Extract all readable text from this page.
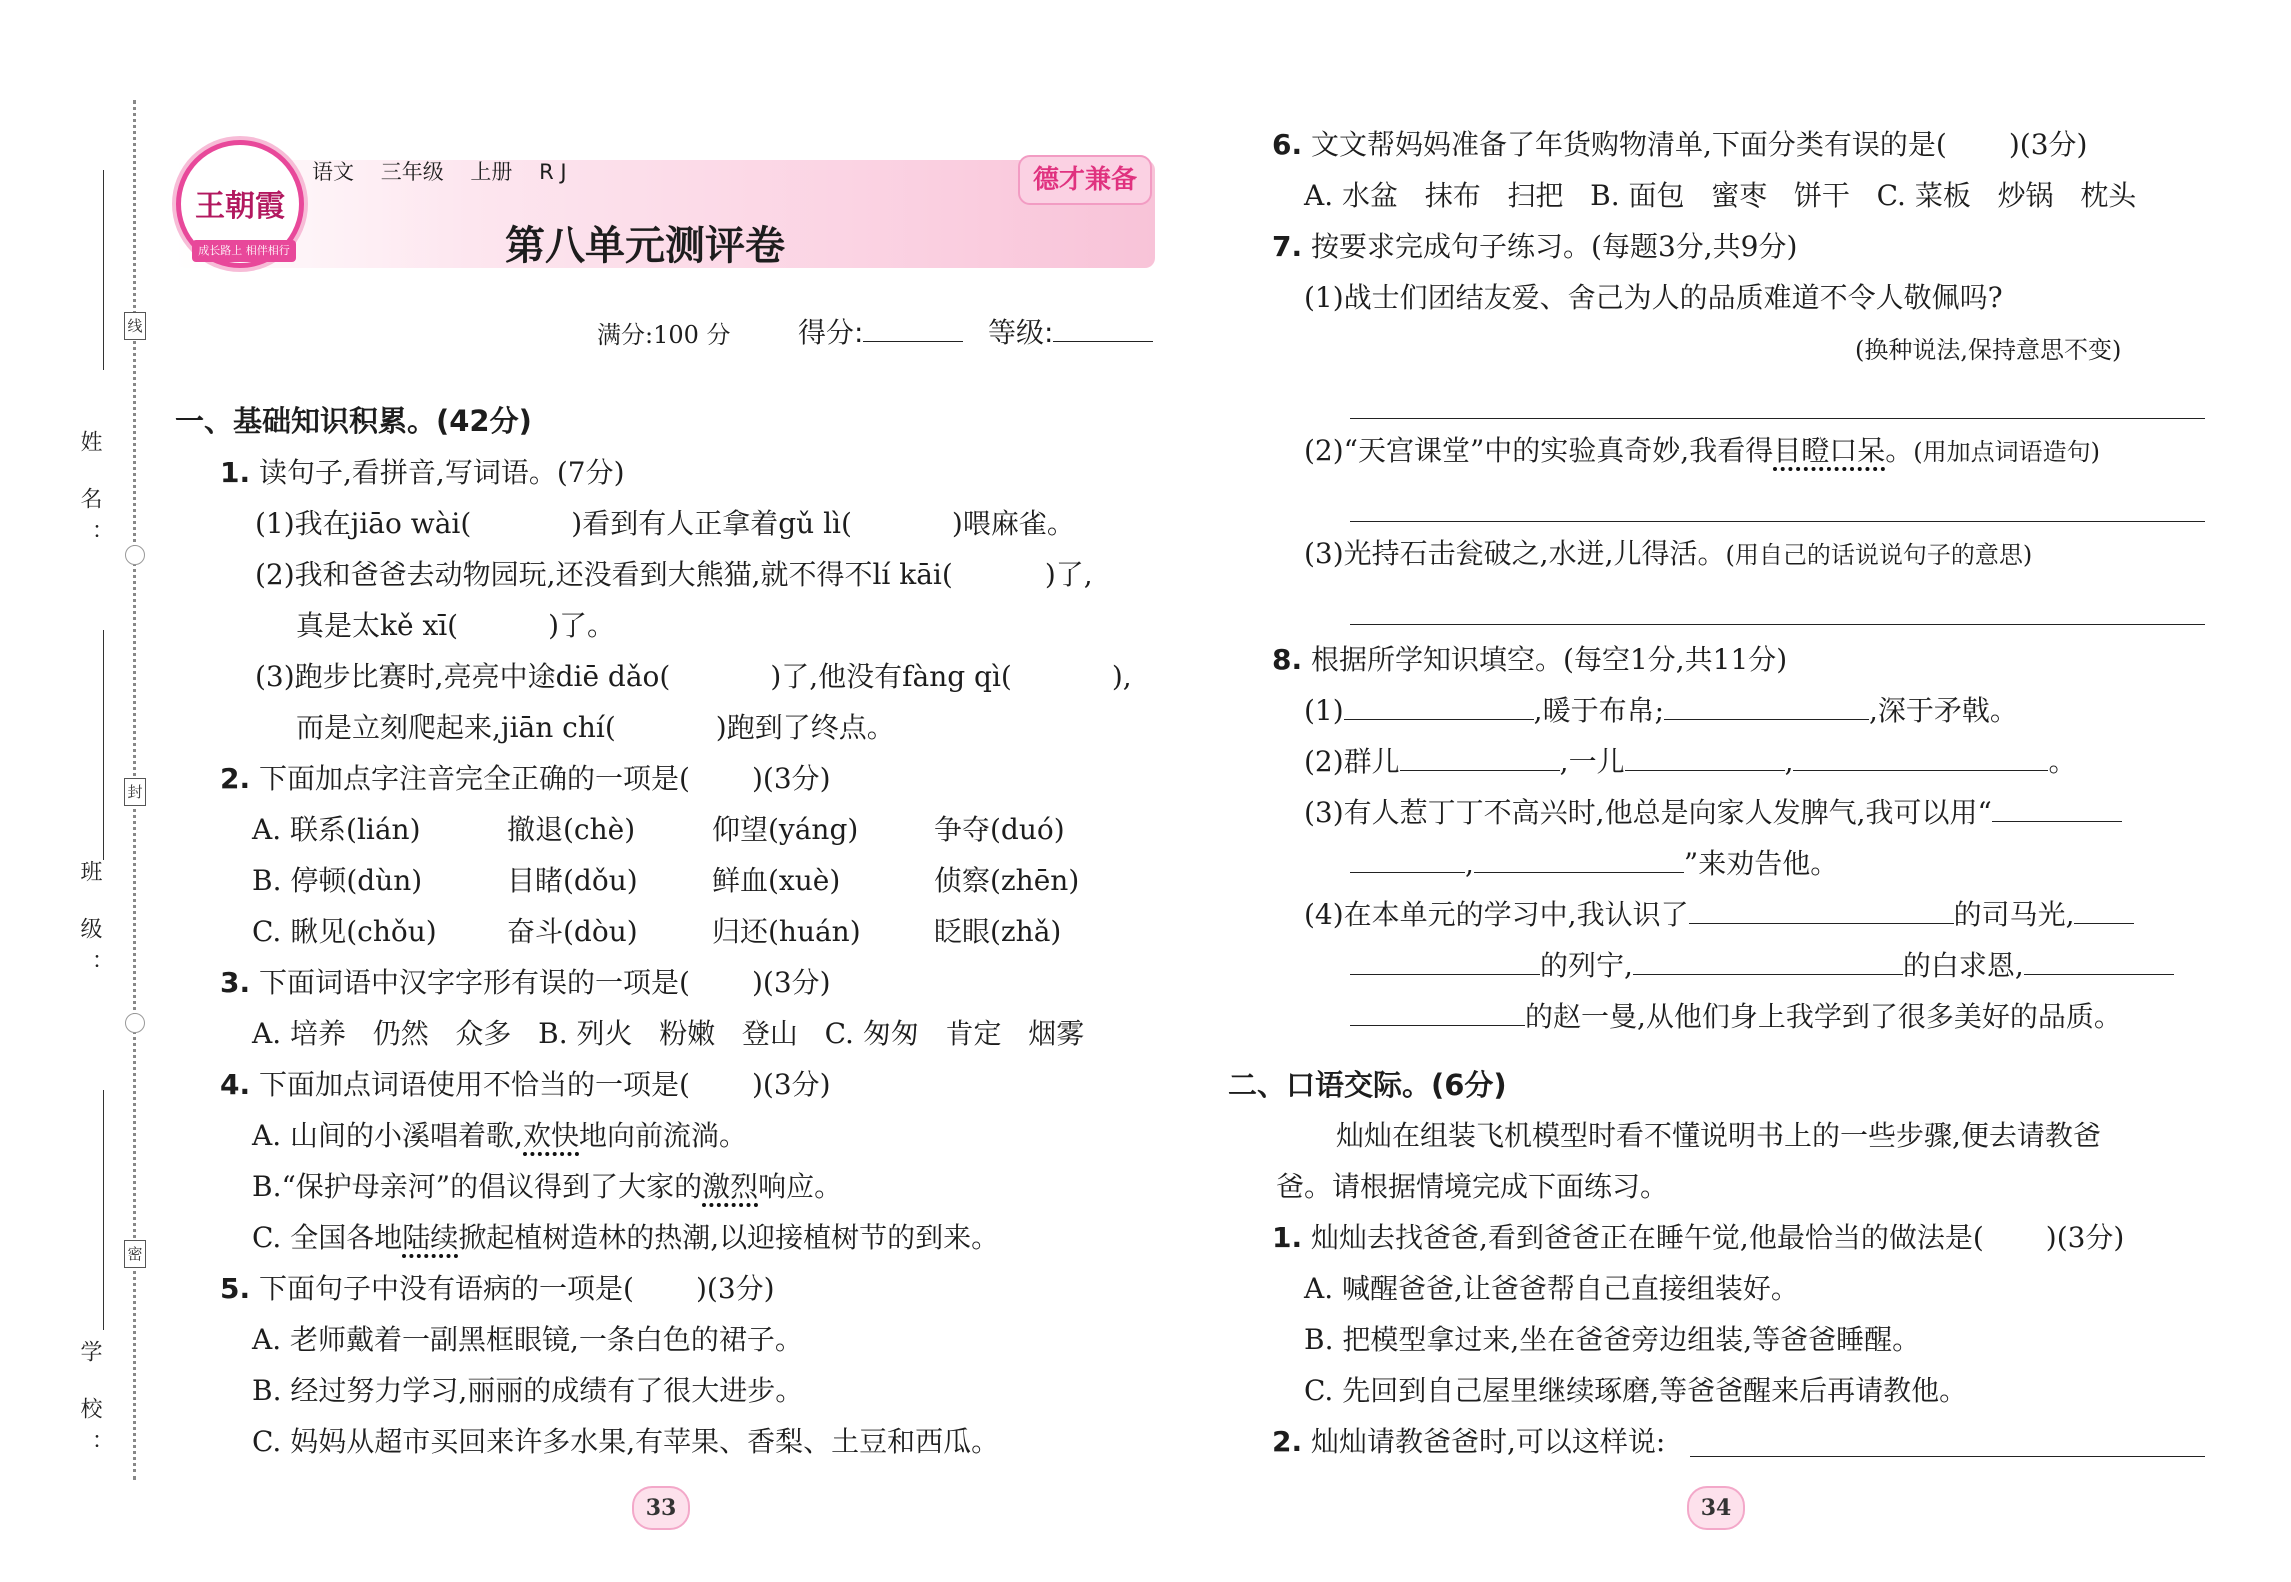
姓 名：
班 级：
学 校：
线
封
密
王朝霞
成长路上 相伴相行
语文 三年级 上册 R J	德才兼备
第八单元测评卷
满分:100 分 得分:	等级:
一、基础知识积累。(42分)
1. 读句子,看拼音,写词语。(7分)
(1)我在jiāo wài(	)看到有人正拿着gǔ lì(	)喂麻雀。
(2)我和爸爸去动物园玩,还没看到大熊猫,就不得不lí kāi(	)了,
真是太kě xī(	)了。
(3)跑步比赛时,亮亮中途diē dǎo(	)了,他没有fàng qì(	),
而是立刻爬起来,jiān chí(	)跑到了终点。
2. 下面加点字注音完全正确的一项是( )(3分)
A. 联系(lián)	撤退(chè)	仰望(yáng)	争夺(duó)
B. 停顿(dùn)	目睹(dǒu)	鲜血(xuè)	侦察(zhēn)
C. 瞅见(chǒu)	奋斗(dòu)	归还(huán)	眨眼(zhǎ)
3. 下面词语中汉字字形有误的一项是( )(3分)
A. 培养   仍然   众多   B. 列火   粉嫩   登山   C. 匆匆   肯定   烟雾
4. 下面加点词语使用不恰当的一项是( )(3分)
A. 山间的小溪唱着歌,欢快地向前流淌。
B.“保护母亲河”的倡议得到了大家的激烈响应。
C. 全国各地陆续掀起植树造林的热潮,以迎接植树节的到来。
5. 下面句子中没有语病的一项是( )(3分)
A. 老师戴着一副黑框眼镜,一条白色的裙子。
B. 经过努力学习,丽丽的成绩有了很大进步。
C. 妈妈从超市买回来许多水果,有苹果、香梨、土豆和西瓜。
33
6. 文文帮妈妈准备了年货购物清单,下面分类有误的是( )(3分)
A. 水盆   抹布   扫把   B. 面包   蜜枣   饼干   C. 菜板   炒锅   枕头
7. 按要求完成句子练习。(每题3分,共9分)
(1)战士们团结友爱、舍己为人的品质难道不令人敬佩吗?
(换种说法,保持意思不变)
(2)“天宫课堂”中的实验真奇妙,我看得目瞪口呆。(用加点词语造句)
(3)光持石击瓮破之,水迸,儿得活。(用自己的话说说句子的意思)
8. 根据所学知识填空。(每空1分,共11分)
(1)	,暖于布帛;	,深于矛戟。
(2)群儿	,一儿	,	。
(3)有人惹丁丁不高兴时,他总是向家人发脾气,我可以用“
,	”来劝告他。
(4)在本单元的学习中,我认识了	的司马光,
的列宁,	的白求恩,
的赵一曼,从他们身上我学到了很多美好的品质。
二、口语交际。(6分)
灿灿在组装飞机模型时看不懂说明书上的一些步骤,便去请教爸
爸。请根据情境完成下面练习。
1. 灿灿去找爸爸,看到爸爸正在睡午觉,他最恰当的做法是( )(3分)
A. 喊醒爸爸,让爸爸帮自己直接组装好。
B. 把模型拿过来,坐在爸爸旁边组装,等爸爸睡醒。
C. 先回到自己屋里继续琢磨,等爸爸醒来后再请教他。
2. 灿灿请教爸爸时,可以这样说:
34
